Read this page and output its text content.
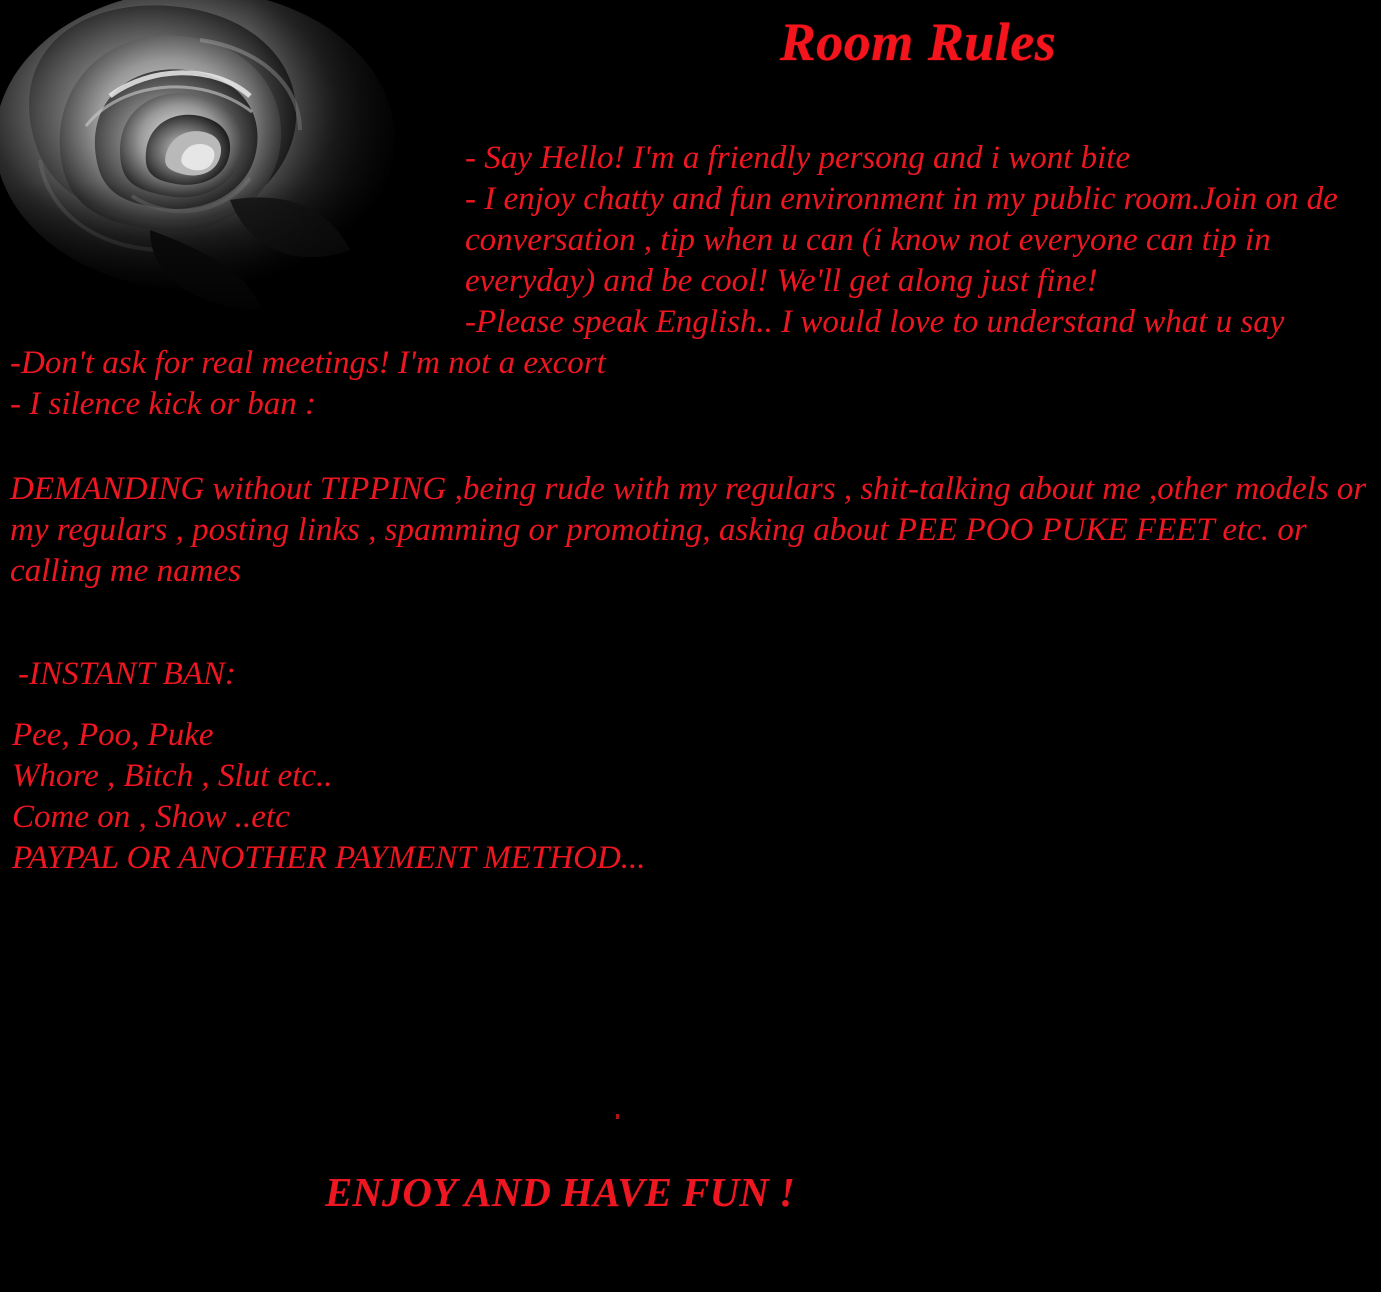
Room Rules

- Say Hello! I'm a friendly persong and i wont bite

- I enjoy chatty and fun environment in my public room.Join on de conversation , tip when u can (i know not everyone can tip in everyday) and be cool! We'll get along just fine!

-Please speak English.. I would love to understand what u say

-Don't ask for real meetings! I'm not a excort

- I silence kick or ban :

DEMANDING without TIPPING ,being rude with my regulars , shit-talking about me ,other models or my regulars , posting links , spamming or promoting, asking about PEE POO PUKE FEET etc. or calling me names

-INSTANT BAN:

Pee, Poo, Puke

Whore , Bitch , Slut etc..

Come on , Show ..etc

PAYPAL OR ANOTHER PAYMENT METHOD...

ENJOY AND HAVE FUN !
